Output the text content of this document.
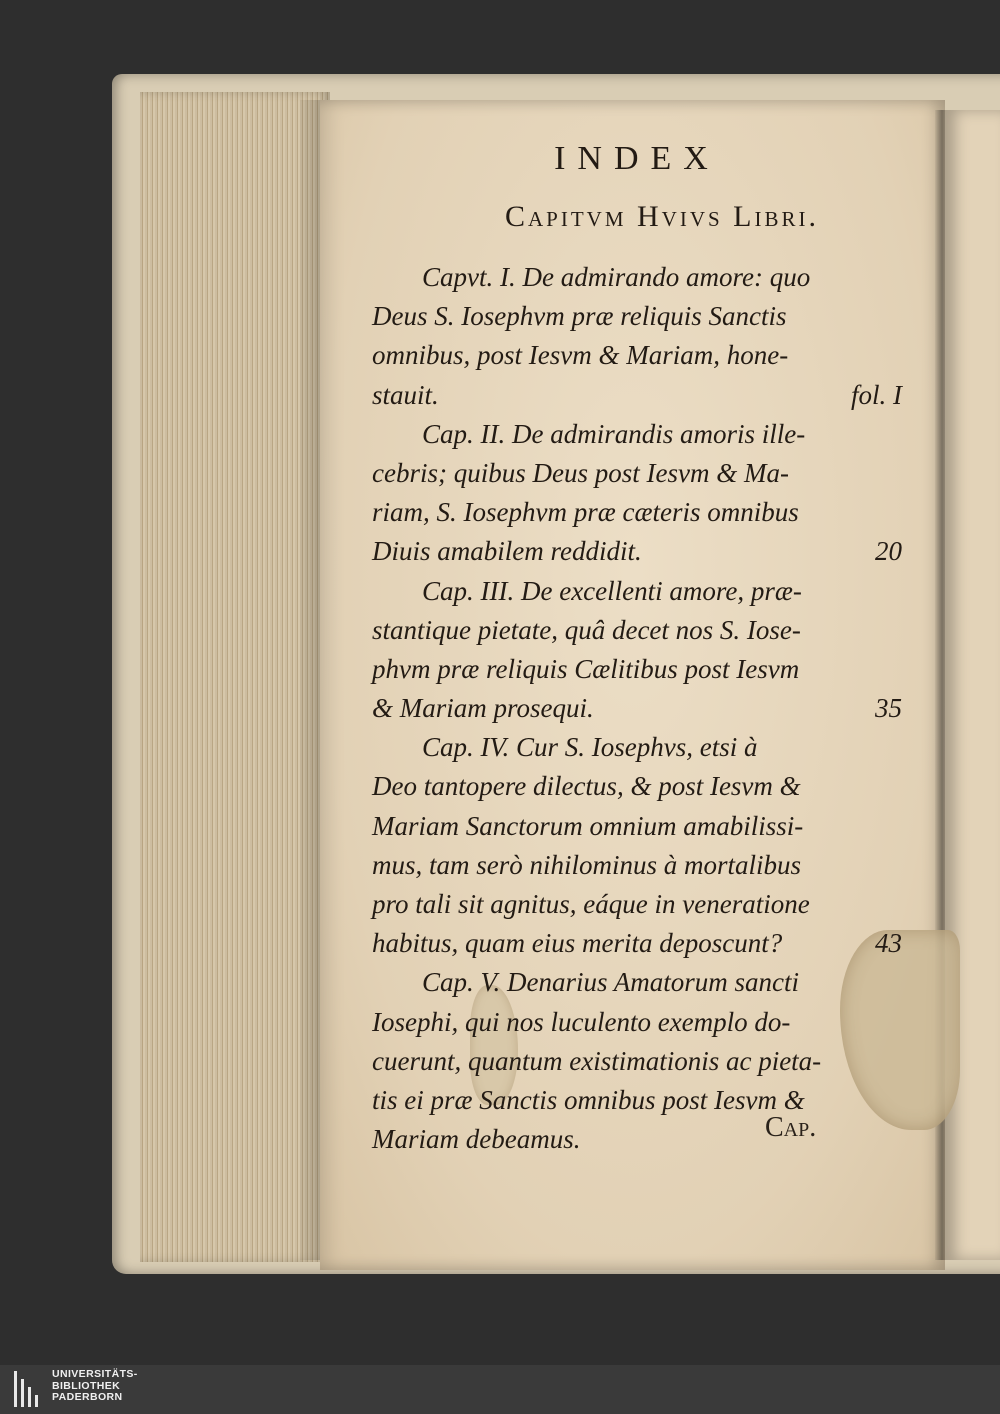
INDEX
Capitvm Hvivs Libri.
Capvt. I. De admirando amore: quo
Deus S. Iosephvm præ reliquis Sanctis
omnibus, post Iesvm & Mariam, hone-
stauit.	fol. I
Cap. II. De admirandis amoris ille-
cebris; quibus Deus post Iesvm & Ma-
riam, S. Iosephvm præ cæteris omnibus
Diuis amabilem reddidit.	20
Cap. III. De excellenti amore, præ-
stantique pietate, quâ decet nos S. Iose-
phvm præ reliquis Cælitibus post Iesvm
& Mariam prosequi.	35
Cap. IV. Cur S. Iosephvs, etsi à
Deo tantopere dilectus, & post Iesvm &
Mariam Sanctorum omnium amabilissi-
mus, tam serò nihilominus à mortalibus
pro tali sit agnitus, eáque in veneratione
habitus, quam eius merita deposcunt?	43
Cap. V. Denarius Amatorum sancti
Iosephi, qui nos luculento exemplo do-
cuerunt, quantum existimationis ac pieta-
tis ei præ Sanctis omnibus post Iesvm &
Mariam debeamus.	Cap.
UNIVERSITÄTS-
BIBLIOTHEK
PADERBORN
